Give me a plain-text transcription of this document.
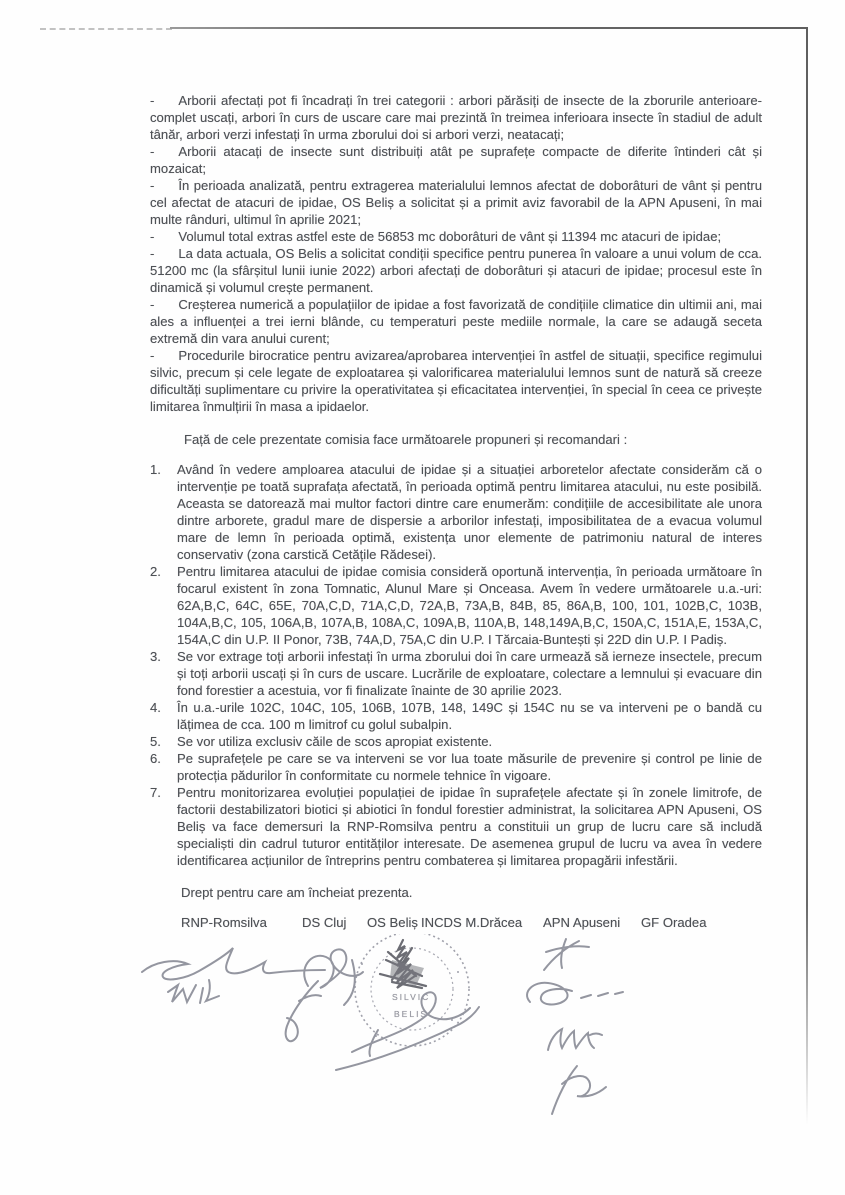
- Arborii afectați pot fi încadrați în trei categorii : arbori părăsiți de insecte de la zborurile anterioare-complet uscați, arbori în curs de uscare care mai prezintă în treimea inferioara insecte în stadiul de adult tânăr, arbori verzi infestați în urma zborului doi si arbori verzi, neatacați;

- Arborii atacați de insecte sunt distribuiți atât pe suprafețe compacte de diferite întinderi cât și mozaicat;

- În perioada analizată, pentru extragerea materialului lemnos afectat de doborâturi de vânt și pentru cel afectat de atacuri de ipidae, OS Beliș a solicitat și a primit aviz favorabil de la APN Apuseni, în mai multe rânduri, ultimul în aprilie 2021;

- Volumul total extras astfel este de 56853 mc doborâturi de vânt și 11394 mc atacuri de ipidae;

- La data actuala, OS Belis a solicitat condiții specifice pentru punerea în valoare a unui volum de cca. 51200 mc (la sfârșitul lunii iunie 2022) arbori afectați de doborâturi și atacuri de ipidae; procesul este în dinamică și volumul crește permanent.

- Creșterea numerică a populațiilor de ipidae a fost favorizată de condițiile climatice din ultimii ani, mai ales a influenței a trei ierni blânde, cu temperaturi peste mediile normale, la care se adaugă seceta extremă din vara anului curent;

- Procedurile birocratice pentru avizarea/aprobarea intervenției în astfel de situații, specifice regimului silvic, precum și cele legate de exploatarea și valorificarea materialului lemnos sunt de natură să creeze dificultăți suplimentare cu privire la operativitatea și eficacitatea intervenției, în special în ceea ce privește limitarea înmulțirii în masa a ipidaelor.

Față de cele prezentate comisia face următoarele propuneri și recomandari :

1.	Având în vedere amploarea atacului de ipidae și a situației arboretelor afectate considerăm că o intervenție pe toată suprafața afectată, în perioada optimă pentru limitarea atacului, nu este posibilă. Aceasta se datorează mai multor factori dintre care enumerăm: condițiile de accesibilitate ale unora dintre arborete, gradul mare de dispersie a arborilor infestați, imposibilitatea de a evacua volumul mare de lemn în perioada optimă, existența unor elemente de patrimoniu natural de interes conservativ (zona carstică Cetățile Rădesei).
2.	Pentru limitarea atacului de ipidae comisia consideră oportună intervenția, în perioada următoare în focarul existent în zona Tomnatic, Alunul Mare și Onceasa. Avem în vedere următoarele u.a.-uri: 62A,B,C, 64C, 65E, 70A,C,D, 71A,C,D, 72A,B, 73A,B, 84B, 85, 86A,B, 100, 101, 102B,C, 103B, 104A,B,C, 105, 106A,B, 107A,B, 108A,C, 109A,B, 110A,B, 148,149A,B,C, 150A,C, 151A,E, 153A,C, 154A,C din U.P. II Ponor, 73B, 74A,D, 75A,C din U.P. I Tărcaia-Buntești și 22D din U.P. I Padiș.
3.	Se vor extrage toți arborii infestați în urma zborului doi în care urmează să ierneze insectele, precum și toți arborii uscați și în curs de uscare. Lucrările de exploatare, colectare a lemnului și evacuare din fond forestier a acestuia, vor fi finalizate înainte de 30 aprilie 2023.
4.	În u.a.-urile 102C, 104C, 105, 106B, 107B, 148, 149C și 154C nu se va interveni pe o bandă cu lățimea de cca. 100 m limitrof cu golul subalpin.
5.	Se vor utiliza exclusiv căile de scos apropiat existente.
6.	Pe suprafețele pe care se va interveni se vor lua toate măsurile de prevenire și control pe linie de protecția pădurilor în conformitate cu normele tehnice în vigoare.
7.	Pentru monitorizarea evoluției populației de ipidae în suprafețele afectate și în zonele limitrofe, de factorii destabilizatori biotici și abiotici în fondul forestier administrat, la solicitarea APN Apuseni, OS Beliș va face demersuri la RNP-Romsilva pentru a constituii un grup de lucru care să includă specialiști din cadrul tuturor entităților interesate. De asemenea grupul de lucru va avea în vedere identificarea acțiunilor de întreprins pentru combaterea și limitarea propagării infestării.

Drept pentru care am încheiat prezenta.

RNP-Romsilva	DS Cluj OS Beliș INCDS M.Drăcea APN Apuseni GF Oradea
SILVIC
BELIȘ
